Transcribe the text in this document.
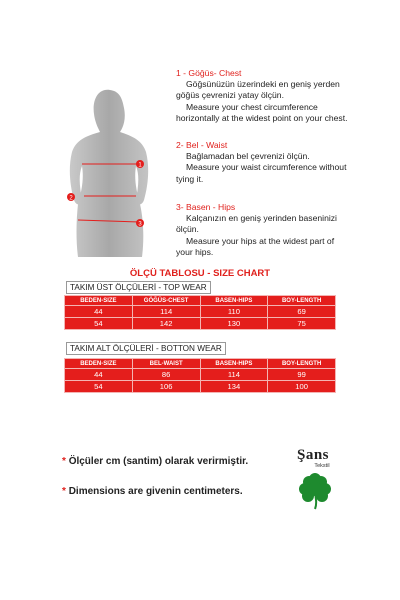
1
2
3
1 - Göğüs- Chest
Göğsünüzün üzerindeki en geniş yerden
göğüs çevrenizi yatay ölçün.
Measure your chest circumference
horizontally at the widest point on your chest.
2- Bel - Waist
Bağlamadan bel çevrenizi ölçün.
Measure your waist circumference without
tying it.
3- Basen - Hips
Kalçanızın en geniş yerinden baseninizi
ölçün.
Measure your hips at the widest part of
your hips.
ÖLÇÜ TABLOSU - SIZE CHART
TAKIM ÜST ÖLÇÜLERİ - TOP WEAR
BEDEN-SIZE	GÖĞÜS-CHEST	BASEN-HIPS	BOY-LENGTH
44	114	110	69
54	142	130	75
TAKIM ALT ÖLÇÜLERİ - BOTTON WEAR
BEDEN-SIZE	BEL-WAIST	BASEN-HIPS	BOY-LENGTH
44	86	114	99
54	106	134	100
* Ölçüler cm (santim) olarak verirmiştir.
* Dimensions are givenin centimeters.
Şans
Tekstil
